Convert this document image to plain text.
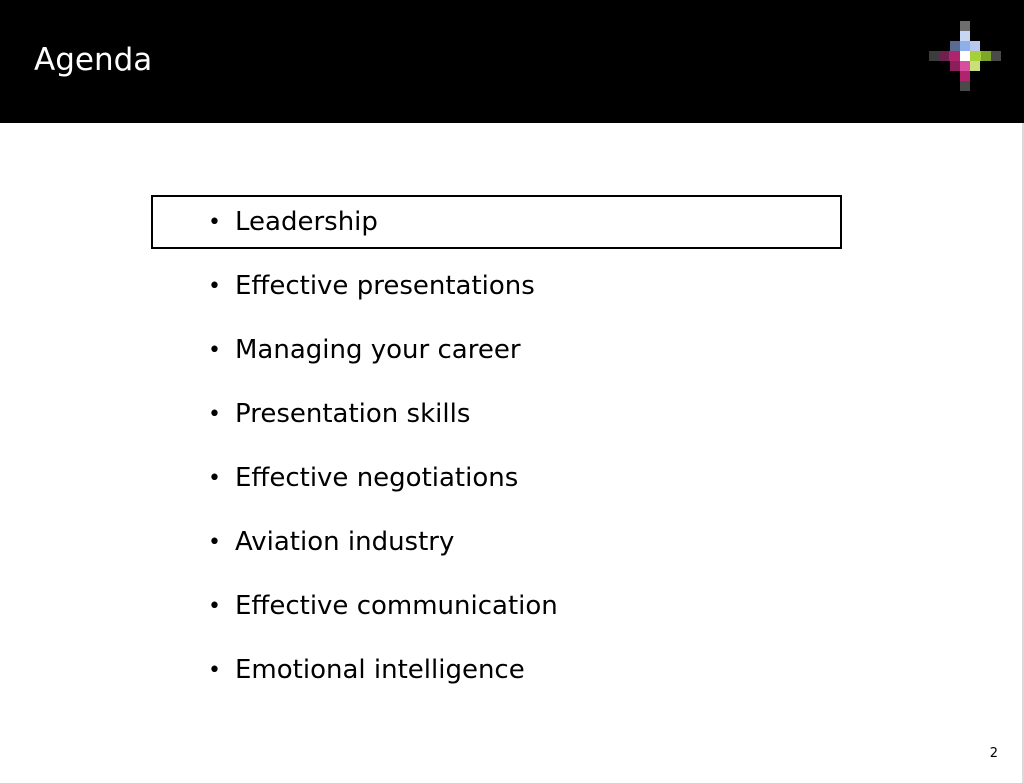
Agenda
• Leadership
• Effective presentations
• Managing your career
• Presentation skills
• Effective negotiations
• Aviation industry
• Effective communication
• Emotional intelligence
2
